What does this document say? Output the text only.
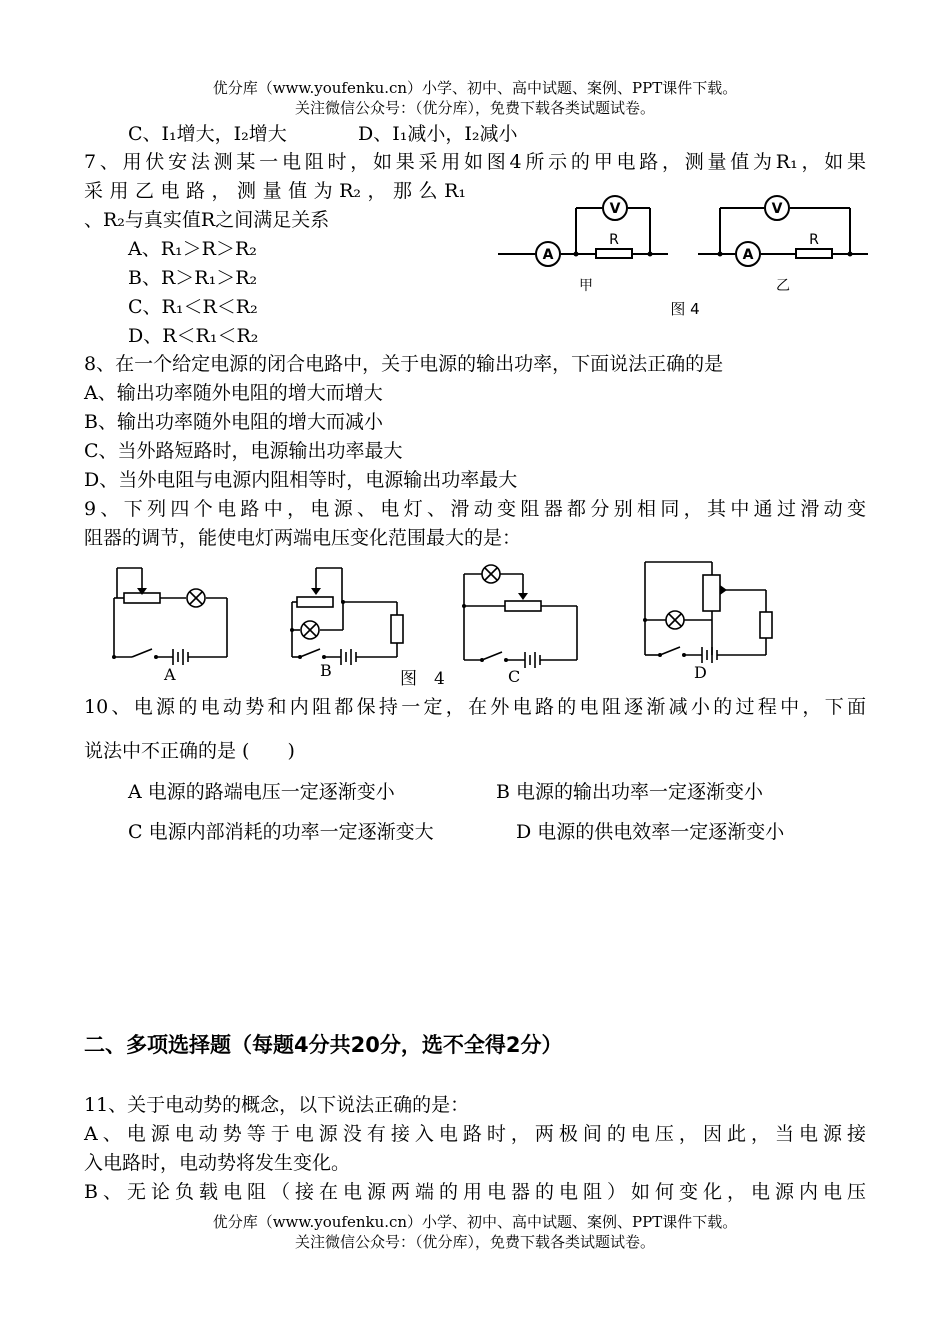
优分库（www.youfenku.cn）小学、初中、高中试题、案例、PPT课件下载。
关注微信公众号：（优分库），免费下载各类试题试卷。
C、I₁增大，I₂增大	D、I₁减小，I₂减小
7、用伏安法测某一电阻时，如果采用如图4所示的甲电路，测量值为R₁，如果
采用乙电路，测量值为R₂，那么R₁
、R₂与真实值R之间满足关系
A、R₁＞R＞R₂
B、R＞R₁＞R₂
C、R₁＜R＜R₂
D、R＜R₁＜R₂
A
V
R
A
V
R
甲	乙
图 4
8、在一个给定电源的闭合电路中，关于电源的输出功率，下面说法正确的是
A、输出功率随外电阻的增大而增大
B、输出功率随外电阻的增大而减小
C、当外路短路时，电源输出功率最大
D、当外电阻与电源内阻相等时，电源输出功率最大
9、下列四个电路中，电源、电灯、滑动变阻器都分别相同，其中通过滑动变
阻器的调节，能使电灯两端电压变化范围最大的是：
A	B	C	D
图　4
10、电源的电动势和内阻都保持一定，在外电路的电阻逐渐减小的过程中，下面
说法中不正确的是 (　　)
A 电源的路端电压一定逐渐变小	B 电源的输出功率一定逐渐变小
C 电源内部消耗的功率一定逐渐变大	D 电源的供电效率一定逐渐变小
二、多项选择题（每题4分共20分，选不全得2分）
11、关于电动势的概念，以下说法正确的是：
A、电源电动势等于电源没有接入电路时，两极间的电压，因此，当电源接
入电路时，电动势将发生变化。
B、无论负载电阻（接在电源两端的用电器的电阻）如何变化，电源内电压
优分库（www.youfenku.cn）小学、初中、高中试题、案例、PPT课件下载。
关注微信公众号：（优分库），免费下载各类试题试卷。
